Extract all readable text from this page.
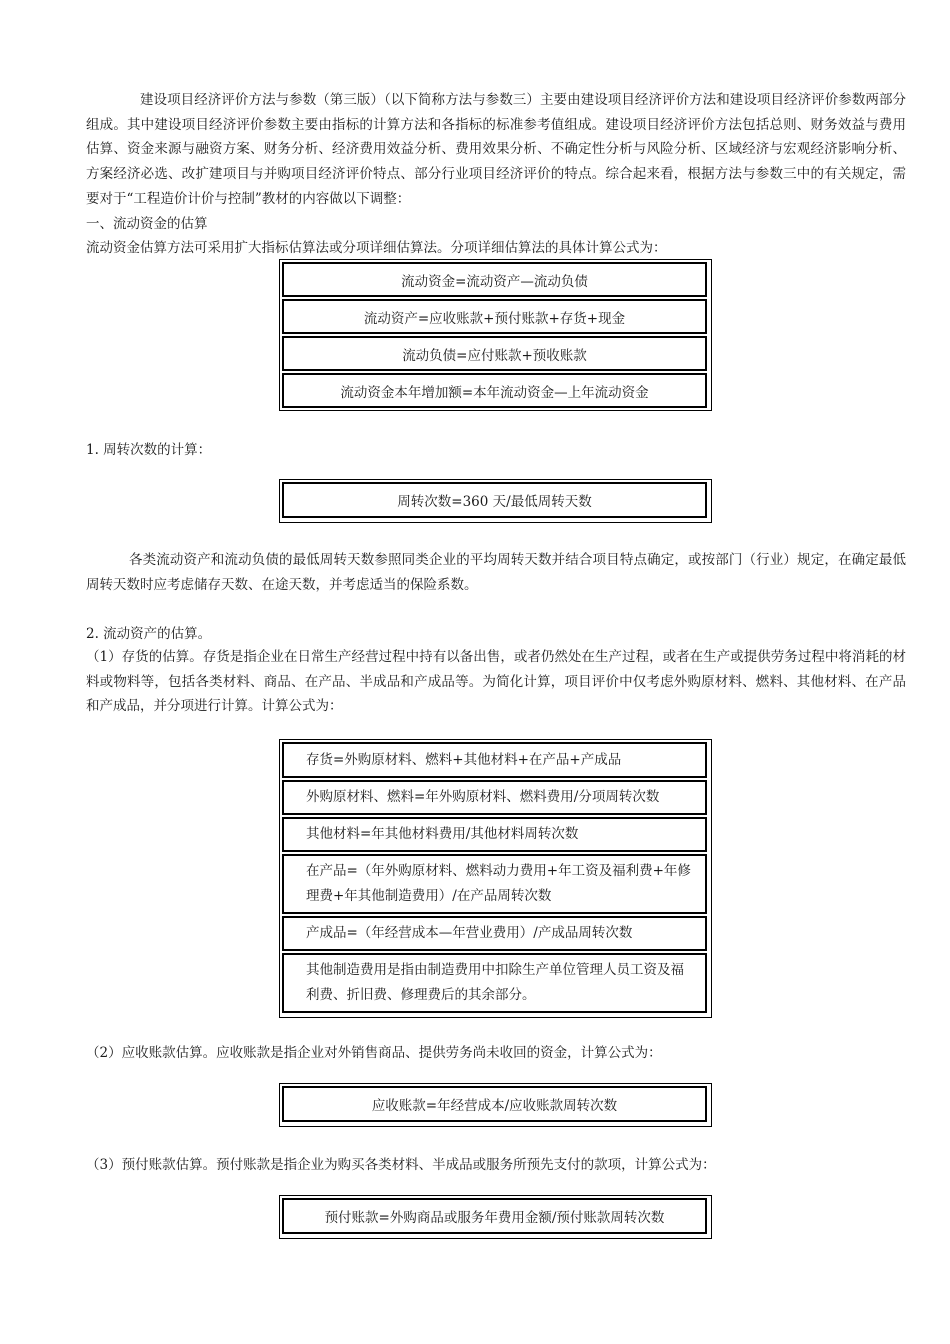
建设项目经济评价方法与参数（第三版）（以下简称方法与参数三）主要由建设项目经济评价方法和建设项目经济评价参数两部分组成。其中建设项目经济评价参数主要由指标的计算方法和各指标的标准参考值组成。建设项目经济评价方法包括总则、财务效益与费用估算、资金来源与融资方案、财务分析、经济费用效益分析、费用效果分析、不确定性分析与风险分析、区域经济与宏观经济影响分析、方案经济必选、改扩建项目与并购项目经济评价特点、部分行业项目经济评价的特点。综合起来看，根据方法与参数三中的有关规定，需要对于“工程造价计价与控制”教材的内容做以下调整：

一、流动资金的估算

流动资金估算方法可采用扩大指标估算法或分项详细估算法。分项详细估算法的具体计算公式为：

流动资金=流动资产—流动负债
流动资产=应收账款+预付账款+存货+现金
流动负债=应付账款+预收账款
流动资金本年增加额=本年流动资金—上年流动资金

1. 周转次数的计算：

周转次数=360 天/最低周转天数

各类流动资产和流动负债的最低周转天数参照同类企业的平均周转天数并结合项目特点确定，或按部门（行业）规定，在确定最低周转天数时应考虑储存天数、在途天数，并考虑适当的保险系数。

2. 流动资产的估算。

（1）存货的估算。存货是指企业在日常生产经营过程中持有以备出售，或者仍然处在生产过程，或者在生产或提供劳务过程中将消耗的材料或物料等，包括各类材料、商品、在产品、半成品和产成品等。为简化计算，项目评价中仅考虑外购原材料、燃料、其他材料、在产品和产成品，并分项进行计算。计算公式为：

存货=外购原材料、燃料+其他材料+在产品+产成品
外购原材料、燃料=年外购原材料、燃料费用/分项周转次数
其他材料=年其他材料费用/其他材料周转次数
在产品=（年外购原材料、燃料动力费用+年工资及福利费+年修理费+年其他制造费用）/在产品周转次数
产成品=（年经营成本—年营业费用）/产成品周转次数
其他制造费用是指由制造费用中扣除生产单位管理人员工资及福利费、折旧费、修理费后的其余部分。

（2）应收账款估算。应收账款是指企业对外销售商品、提供劳务尚未收回的资金，计算公式为：

应收账款=年经营成本/应收账款周转次数

（3）预付账款估算。预付账款是指企业为购买各类材料、半成品或服务所预先支付的款项，计算公式为：

预付账款=外购商品或服务年费用金额/预付账款周转次数
